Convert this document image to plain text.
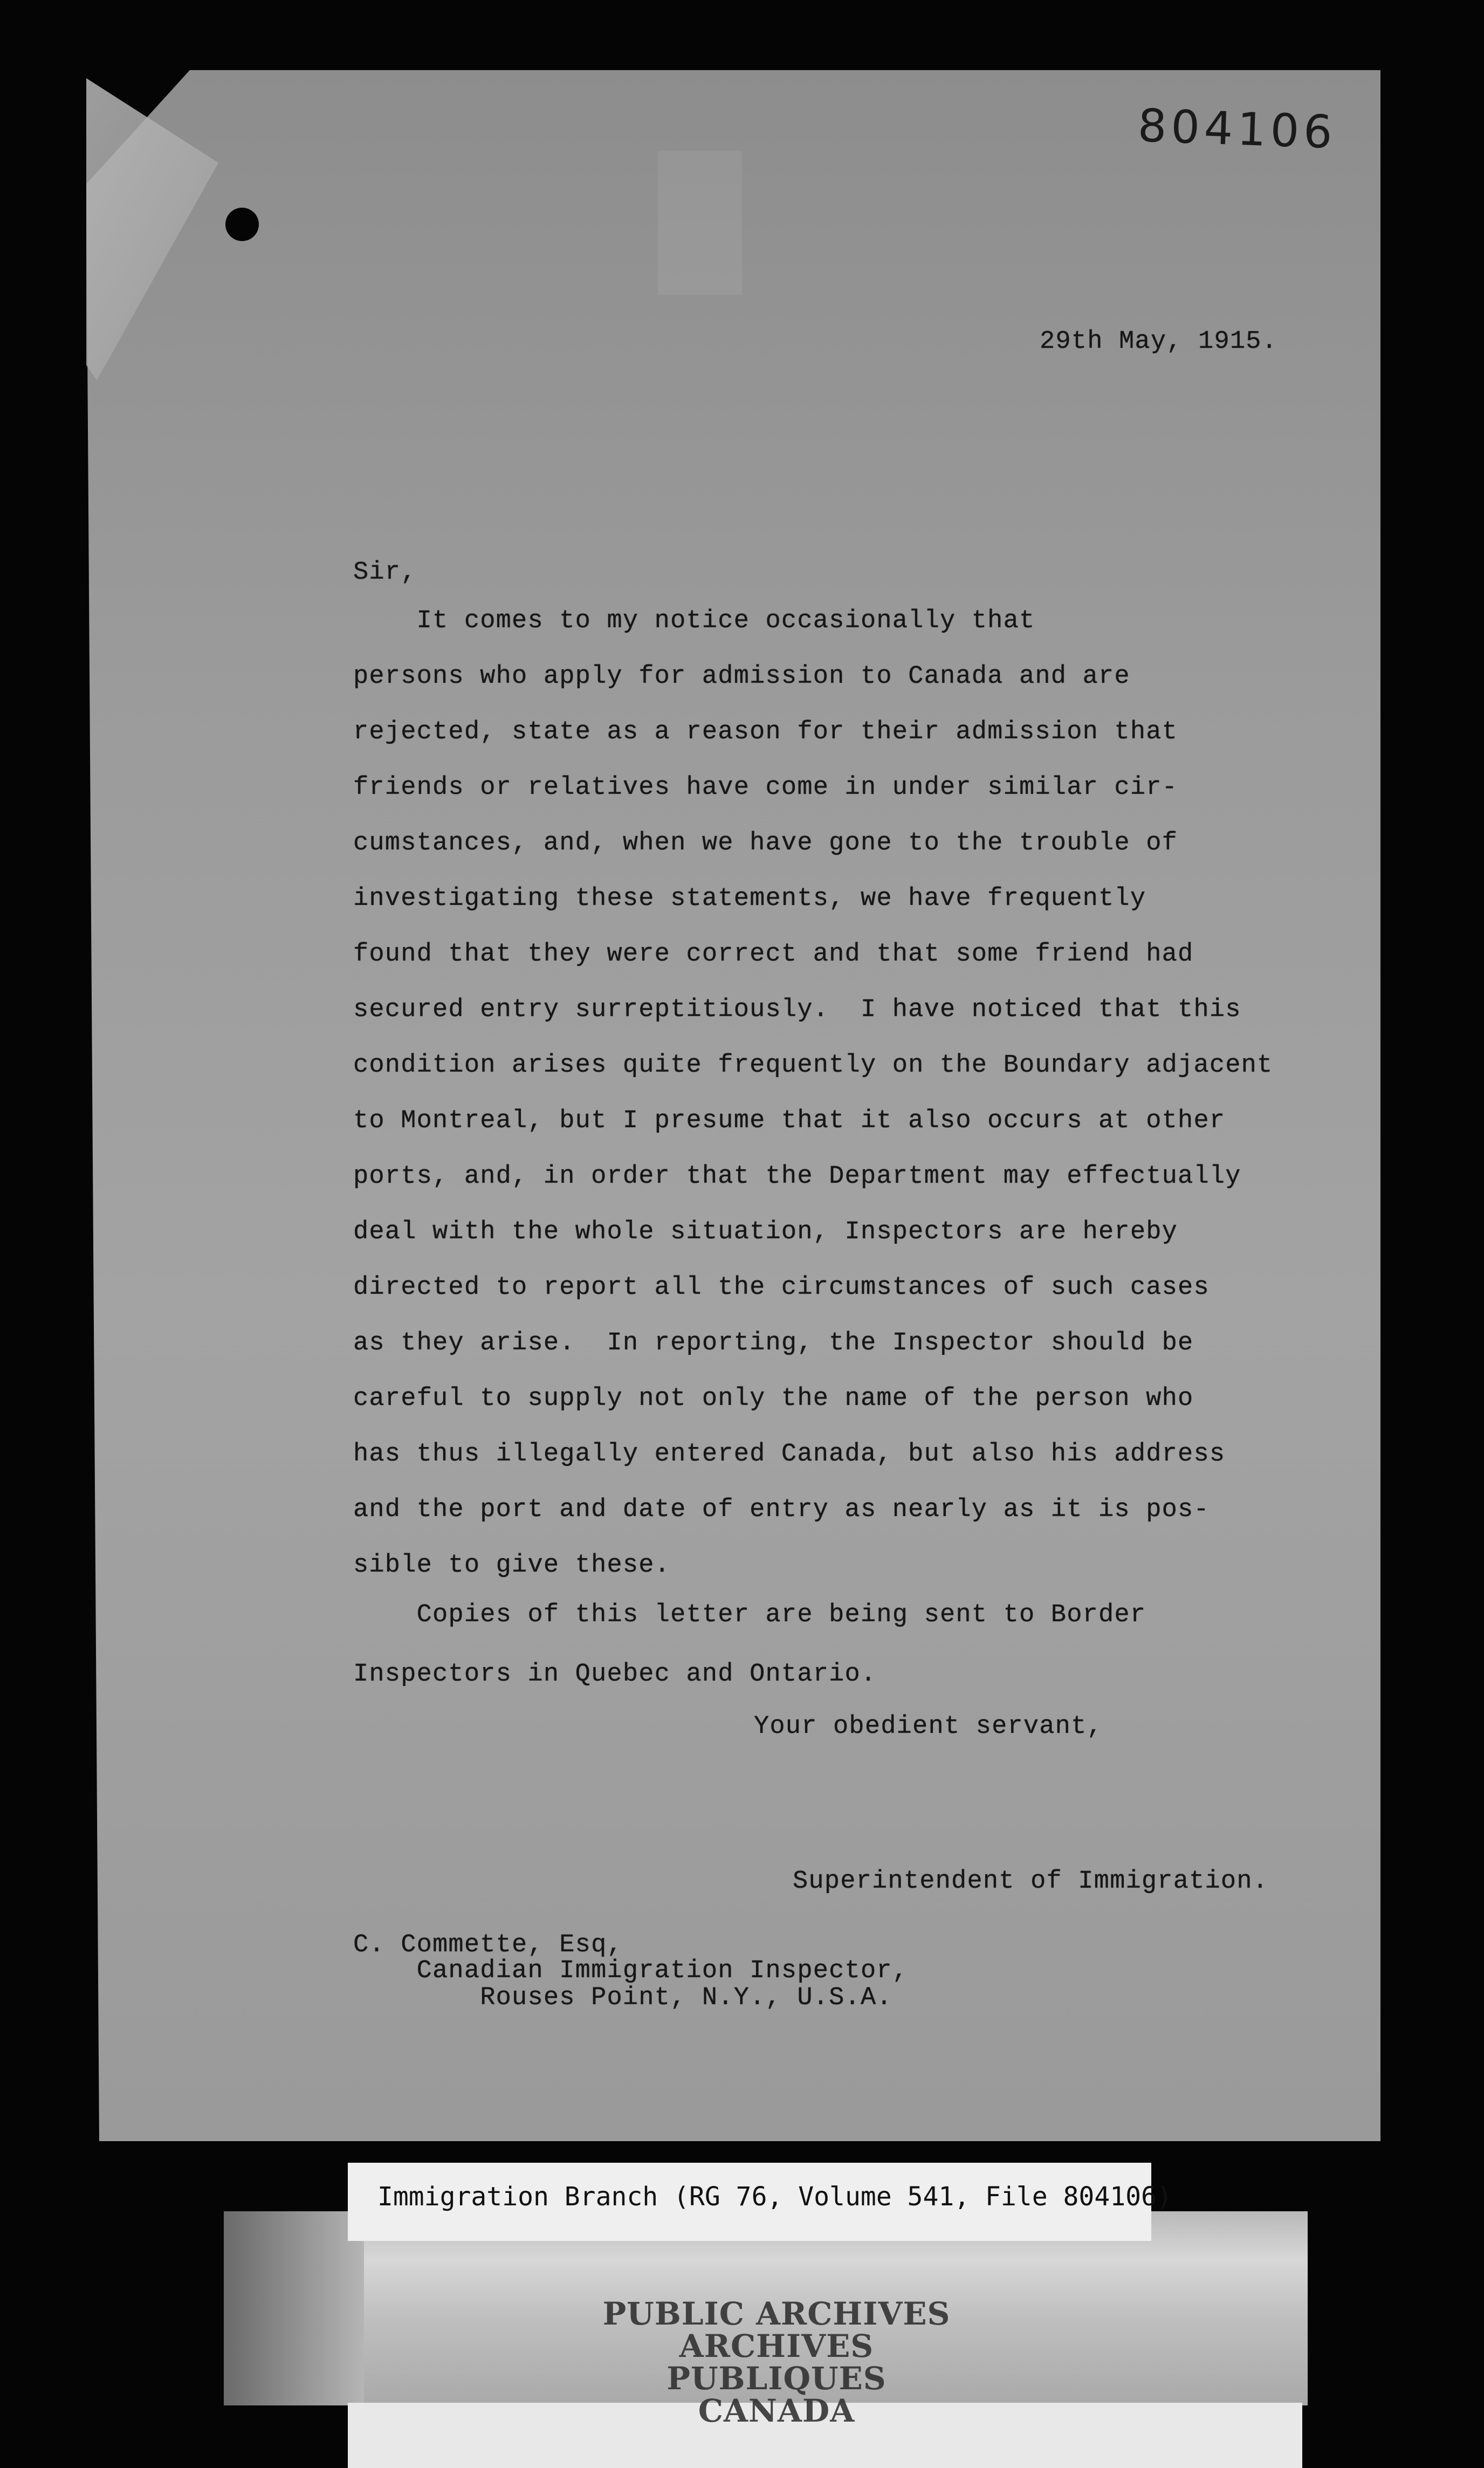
█
804106
29th May, 1915.
Sir,
It comes to my notice occasionally that
persons who apply for admission to Canada and are
rejected, state as a reason for their admission that
friends or relatives have come in under similar cir-
cumstances, and, when we have gone to the trouble of
investigating these statements, we have frequently
found that they were correct and that some friend had
secured entry surreptitiously.  I have noticed that this
condition arises quite frequently on the Boundary adjacent
to Montreal, but I presume that it also occurs at other
ports, and, in order that the Department may effectually
deal with the whole situation, Inspectors are hereby
directed to report all the circumstances of such cases
as they arise.  In reporting, the Inspector should be
careful to supply not only the name of the person who
has thus illegally entered Canada, but also his address
and the port and date of entry as nearly as it is pos-
sible to give these.
Copies of this letter are being sent to Border
Inspectors in Quebec and Ontario.
Your obedient servant,
Superintendent of Immigration.
C. Commette, Esq,
Canadian Immigration Inspector,
Rouses Point, N.Y., U.S.A.
Immigration Branch (RG 76, Volume 541, File 804106)
PUBLIC ARCHIVES
ARCHIVES PUBLIQUES
CANADA
